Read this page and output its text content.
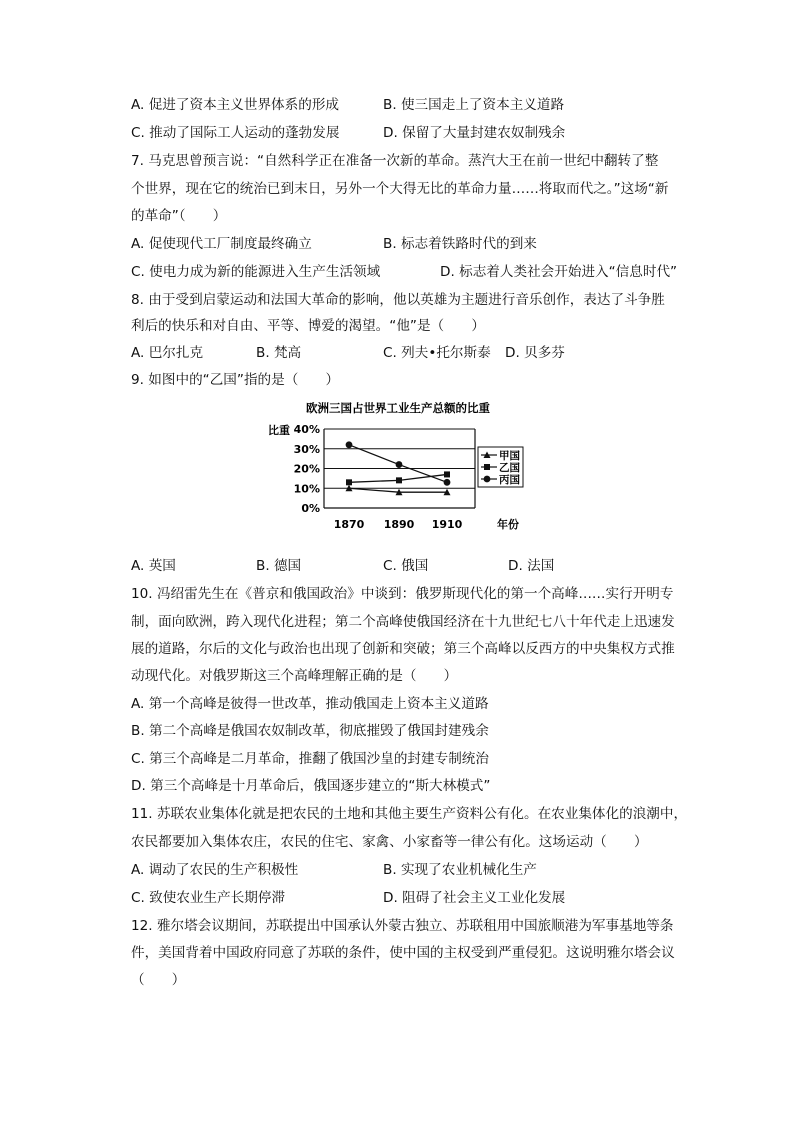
A. 促进了资本主义世界体系的形成	B. 使三国走上了资本主义道路
C. 推动了国际工人运动的蓬勃发展	D. 保留了大量封建农奴制残余
7. 马克思曾预言说：“自然科学正在准备一次新的革命。蒸汽大王在前一世纪中翻转了整
个世界，现在它的统治已到末日，另外一个大得无比的革命力量……将取而代之。”这场“新
的革命”（　　）
A. 促使现代工厂制度最终确立	B. 标志着铁路时代的到来
C. 使电力成为新的能源进入生产生活领域	D. 标志着人类社会开始进入“信息时代”
8. 由于受到启蒙运动和法国大革命的影响，他以英雄为主题进行音乐创作，表达了斗争胜
利后的快乐和对自由、平等、博爱的渴望。“他”是（　　）
A. 巴尔扎克	B. 梵高	C. 列夫•托尔斯泰 D. 贝多芬
9. 如图中的“乙国”指的是（　　）
欧洲三国占世界工业生产总额的比重
比重
年份
40%
30%
20%
10%
0%
1870 1890 1910
甲国
乙国
丙国
A. 英国	B. 德国	C. 俄国	D. 法国
10. 冯绍雷先生在《普京和俄国政治》中谈到：俄罗斯现代化的第一个高峰……实行开明专
制，面向欧洲，跨入现代化进程；第二个高峰使俄国经济在十九世纪七八十年代走上迅速发
展的道路，尔后的文化与政治也出现了创新和突破；第三个高峰以反西方的中央集权方式推
动现代化。对俄罗斯这三个高峰理解正确的是（　　）
A. 第一个高峰是彼得一世改革，推动俄国走上资本主义道路
B. 第二个高峰是俄国农奴制改革，彻底摧毁了俄国封建残余
C. 第三个高峰是二月革命，推翻了俄国沙皇的封建专制统治
D. 第三个高峰是十月革命后，俄国逐步建立的“斯大林模式”
11. 苏联农业集体化就是把农民的土地和其他主要生产资料公有化。在农业集体化的浪潮中，
农民都要加入集体农庄，农民的住宅、家禽、小家畜等一律公有化。这场运动（　　）
A. 调动了农民的生产积极性	B. 实现了农业机械化生产
C. 致使农业生产长期停滞	D. 阻碍了社会主义工业化发展
12. 雅尔塔会议期间，苏联提出中国承认外蒙古独立、苏联租用中国旅顺港为军事基地等条
件，美国背着中国政府同意了苏联的条件，使中国的主权受到严重侵犯。这说明雅尔塔会议
（　　）
